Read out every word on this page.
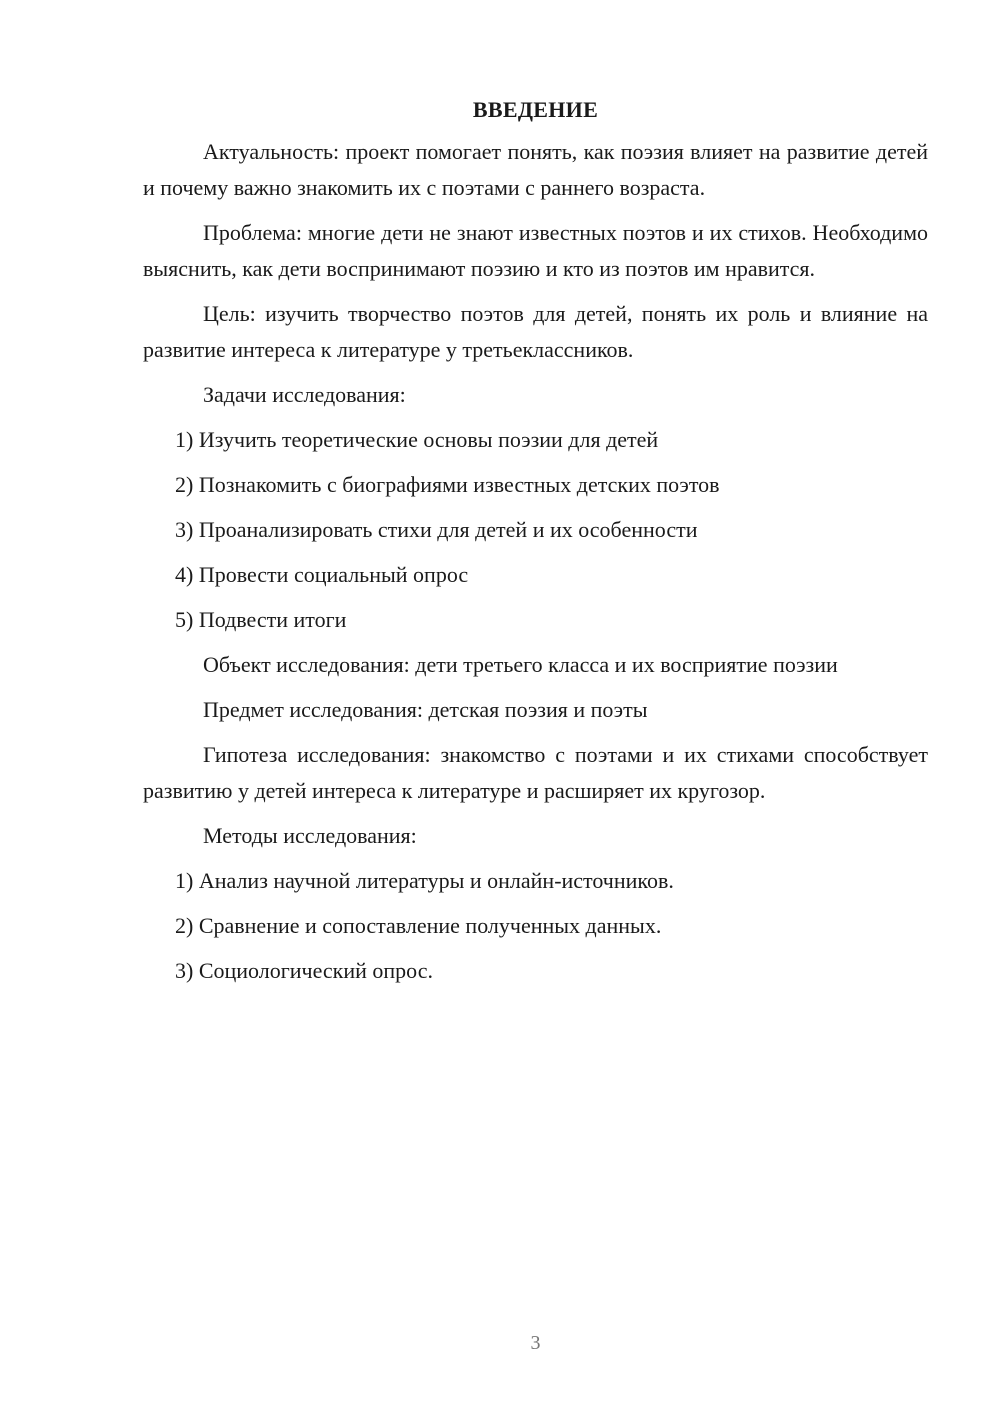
ВВЕДЕНИЕ

Актуальность: проект помогает понять, как поэзия влияет на развитие детей и почему важно знакомить их с поэтами с раннего возраста.

Проблема: многие дети не знают известных поэтов и их стихов. Необходимо выяснить, как дети воспринимают поэзию и кто из поэтов им нравится.

Цель: изучить творчество поэтов для детей, понять их роль и влияние на развитие интереса к литературе у третьеклассников.

Задачи исследования:
1) Изучить теоретические основы поэзии для детей
2) Познакомить с биографиями известных детских поэтов
3) Проанализировать стихи для детей и их особенности
4) Провести социальный опрос
5) Подвести итоги
Объект исследования: дети третьего класса и их восприятие поэзии
Предмет исследования: детская поэзия и поэты

Гипотеза исследования: знакомство с поэтами и их стихами способствует развитию у детей интереса к литературе и расширяет их кругозор.

Методы исследования:
1) Анализ научной литературы и онлайн-источников.
2) Сравнение и сопоставление полученных данных.
3) Социологический опрос.
3
